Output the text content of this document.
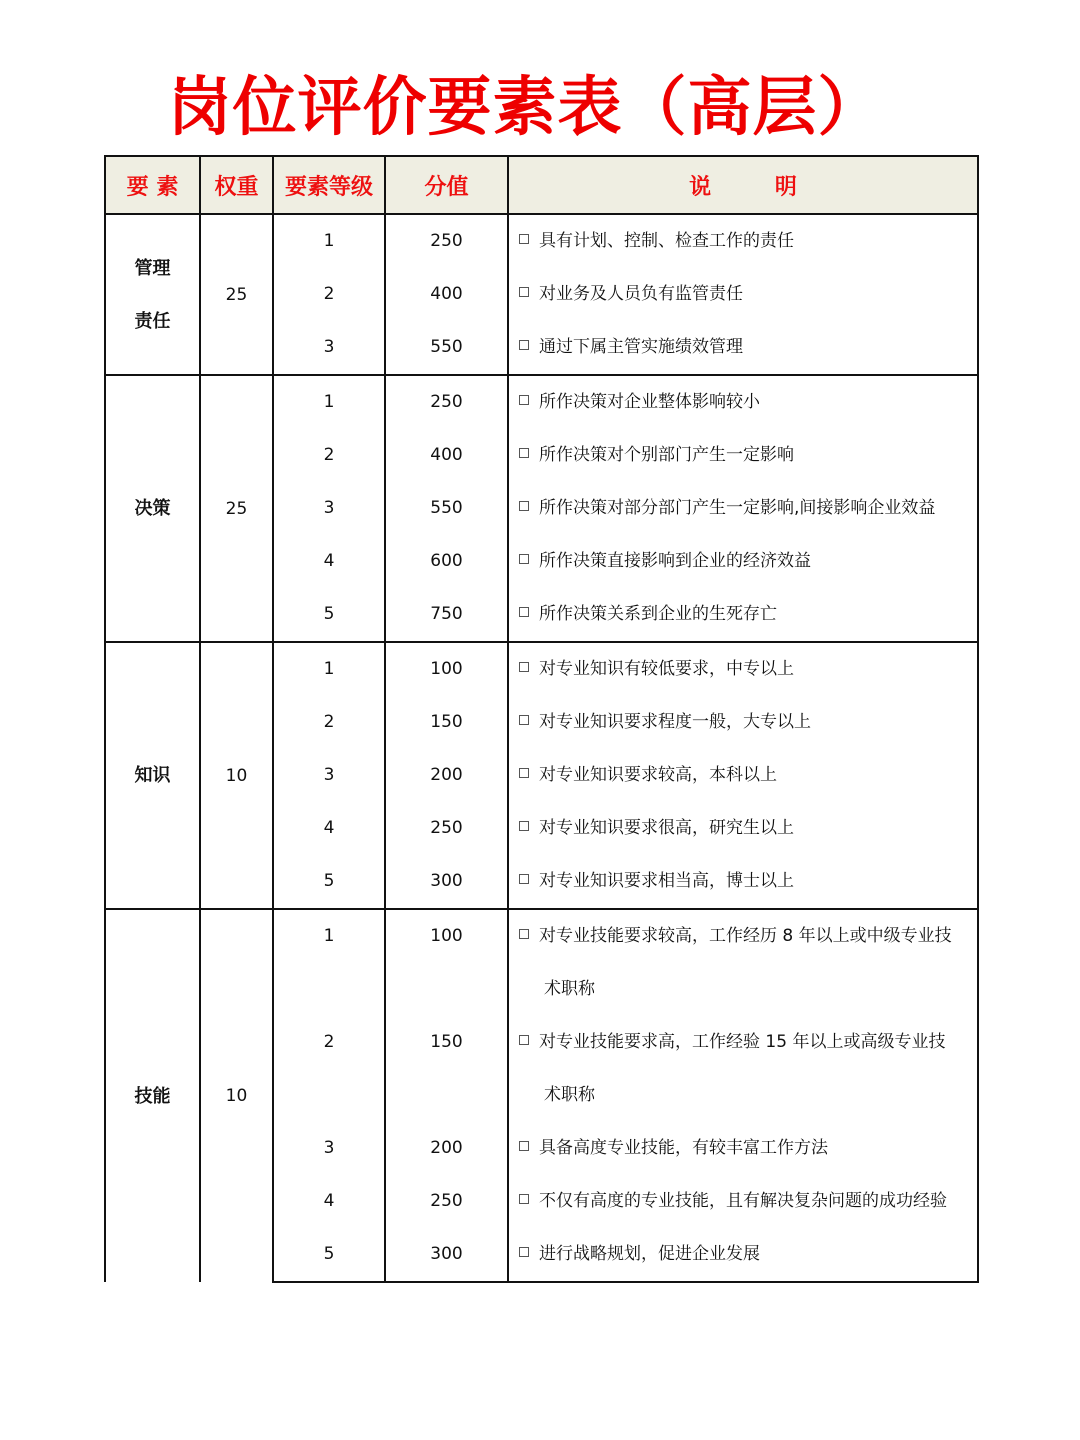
岗位评价要素表（高层）
要 素	权重	要素等级	分值	说 明

管理
责任	25	1	250	具有计划、控制、检查工作的责任

		2	400	对业务及人员负有监管责任

		3	550	通过下属主管实施绩效管理

决策	25	1	250	所作决策对企业整体影响较小

		2	400	所作决策对个别部门产生一定影响

		3	550	所作决策对部分部门产生一定影响,间接影响企业效益

		4	600	所作决策直接影响到企业的经济效益

		5	750	所作决策关系到企业的生死存亡

知识	10	1	100	对专业知识有较低要求，中专以上

		2	150	对专业知识要求程度一般，大专以上

		3	200	对专业知识要求较高，本科以上

		4	250	对专业知识要求很高，研究生以上

		5	300	对专业知识要求相当高，博士以上

技能	10	1	100	对专业技能要求较高，工作经历 8 年以上或中级专业技
术职称

		2	150	对专业技能要求高，工作经验 15 年以上或高级专业技
术职称

		3	200	具备高度专业技能，有较丰富工作方法

		4	250	不仅有高度的专业技能，且有解决复杂问题的成功经验

		5	300	进行战略规划，促进企业发展
